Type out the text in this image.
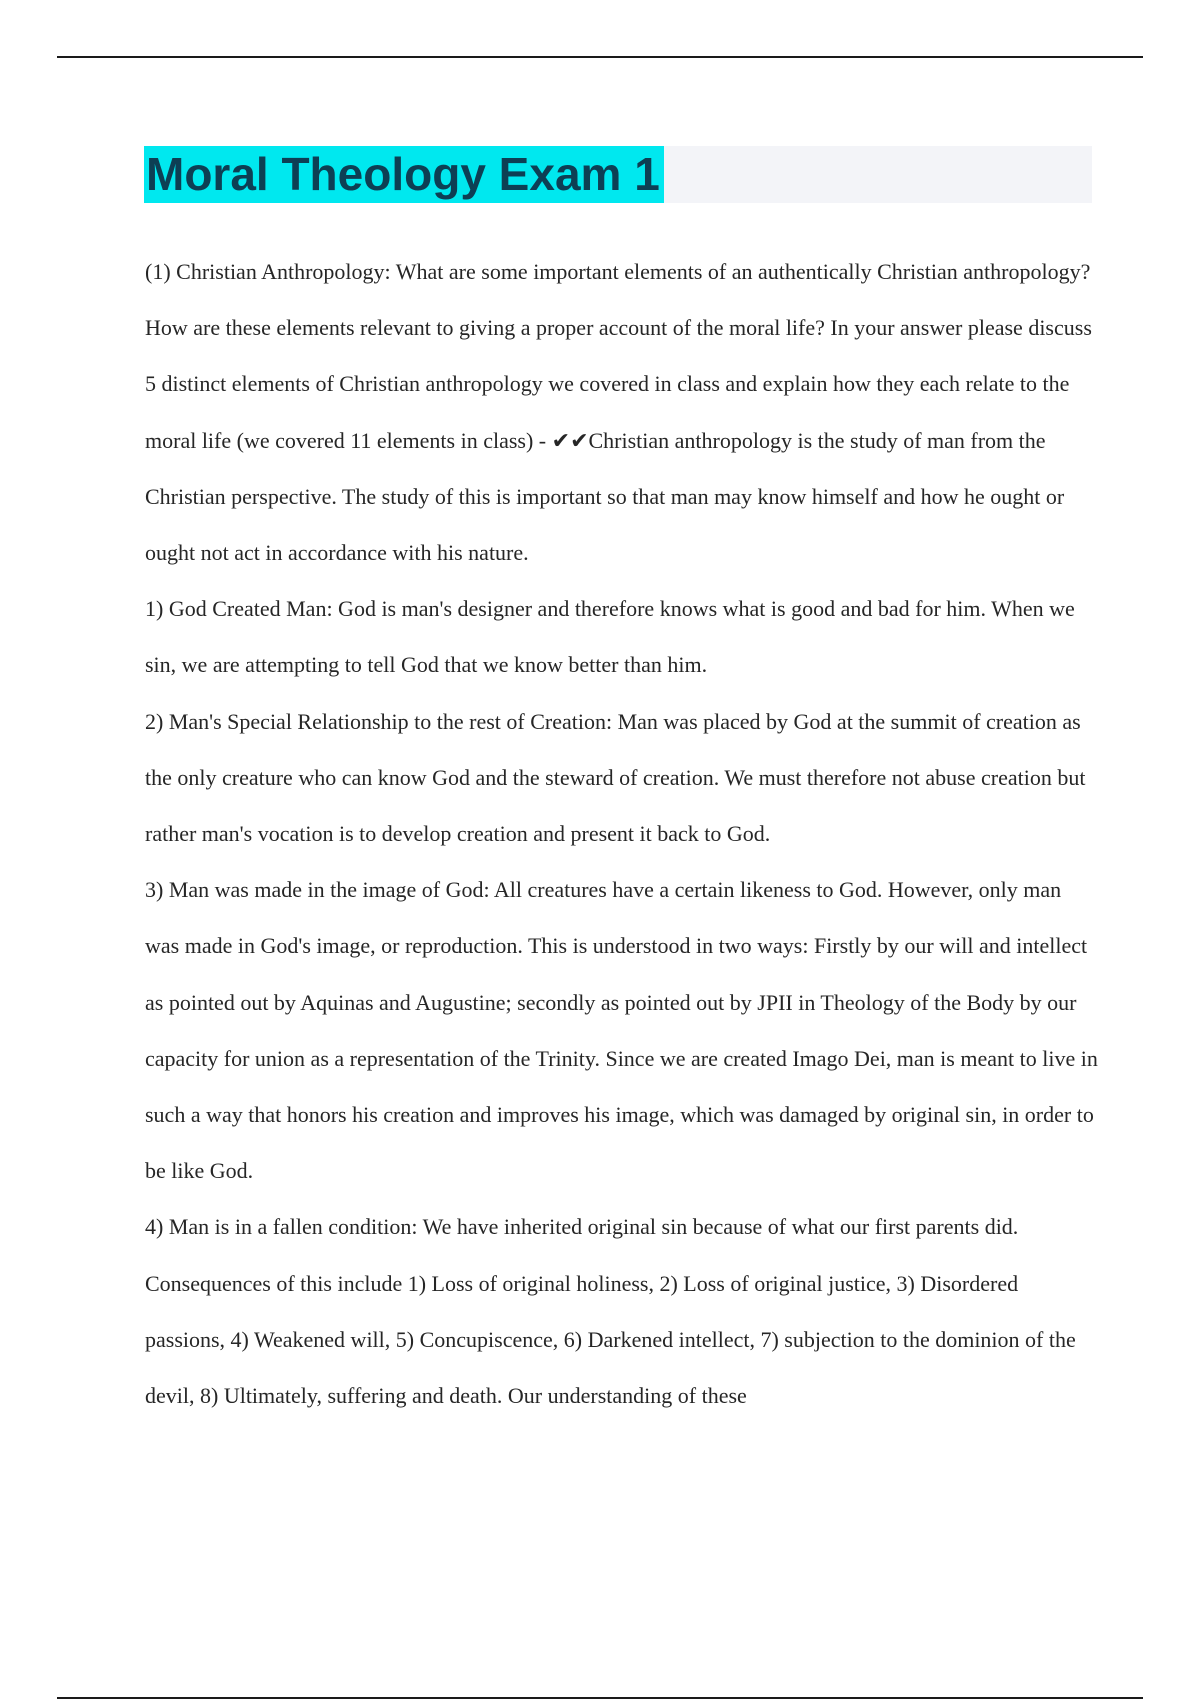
Moral Theology Exam 1

(1) Christian Anthropology: What are some important elements of an authentically Christian anthropology? How are these elements relevant to giving a proper account of the moral life? In your answer please discuss 5 distinct elements of Christian anthropology we covered in class and explain how they each relate to the moral life (we covered 11 elements in class) - ✔✔Christian anthropology is the study of man from the Christian perspective. The study of this is important so that man may know himself and how he ought or ought not act in accordance with his nature.

1) God Created Man: God is man's designer and therefore knows what is good and bad for him. When we sin, we are attempting to tell God that we know better than him.

2) Man's Special Relationship to the rest of Creation: Man was placed by God at the summit of creation as the only creature who can know God and the steward of creation. We must therefore not abuse creation but rather man's vocation is to develop creation and present it back to God.

3) Man was made in the image of God: All creatures have a certain likeness to God. However, only man was made in God's image, or reproduction. This is understood in two ways: Firstly by our will and intellect as pointed out by Aquinas and Augustine; secondly as pointed out by JPII in Theology of the Body by our capacity for union as a representation of the Trinity. Since we are created Imago Dei, man is meant to live in such a way that honors his creation and improves his image, which was damaged by original sin, in order to be like God.

4) Man is in a fallen condition: We have inherited original sin because of what our first parents did. Consequences of this include 1) Loss of original holiness, 2) Loss of original justice, 3) Disordered passions, 4) Weakened will, 5) Concupiscence, 6) Darkened intellect, 7) subjection to the dominion of the devil, 8) Ultimately, suffering and death. Our understanding of these
